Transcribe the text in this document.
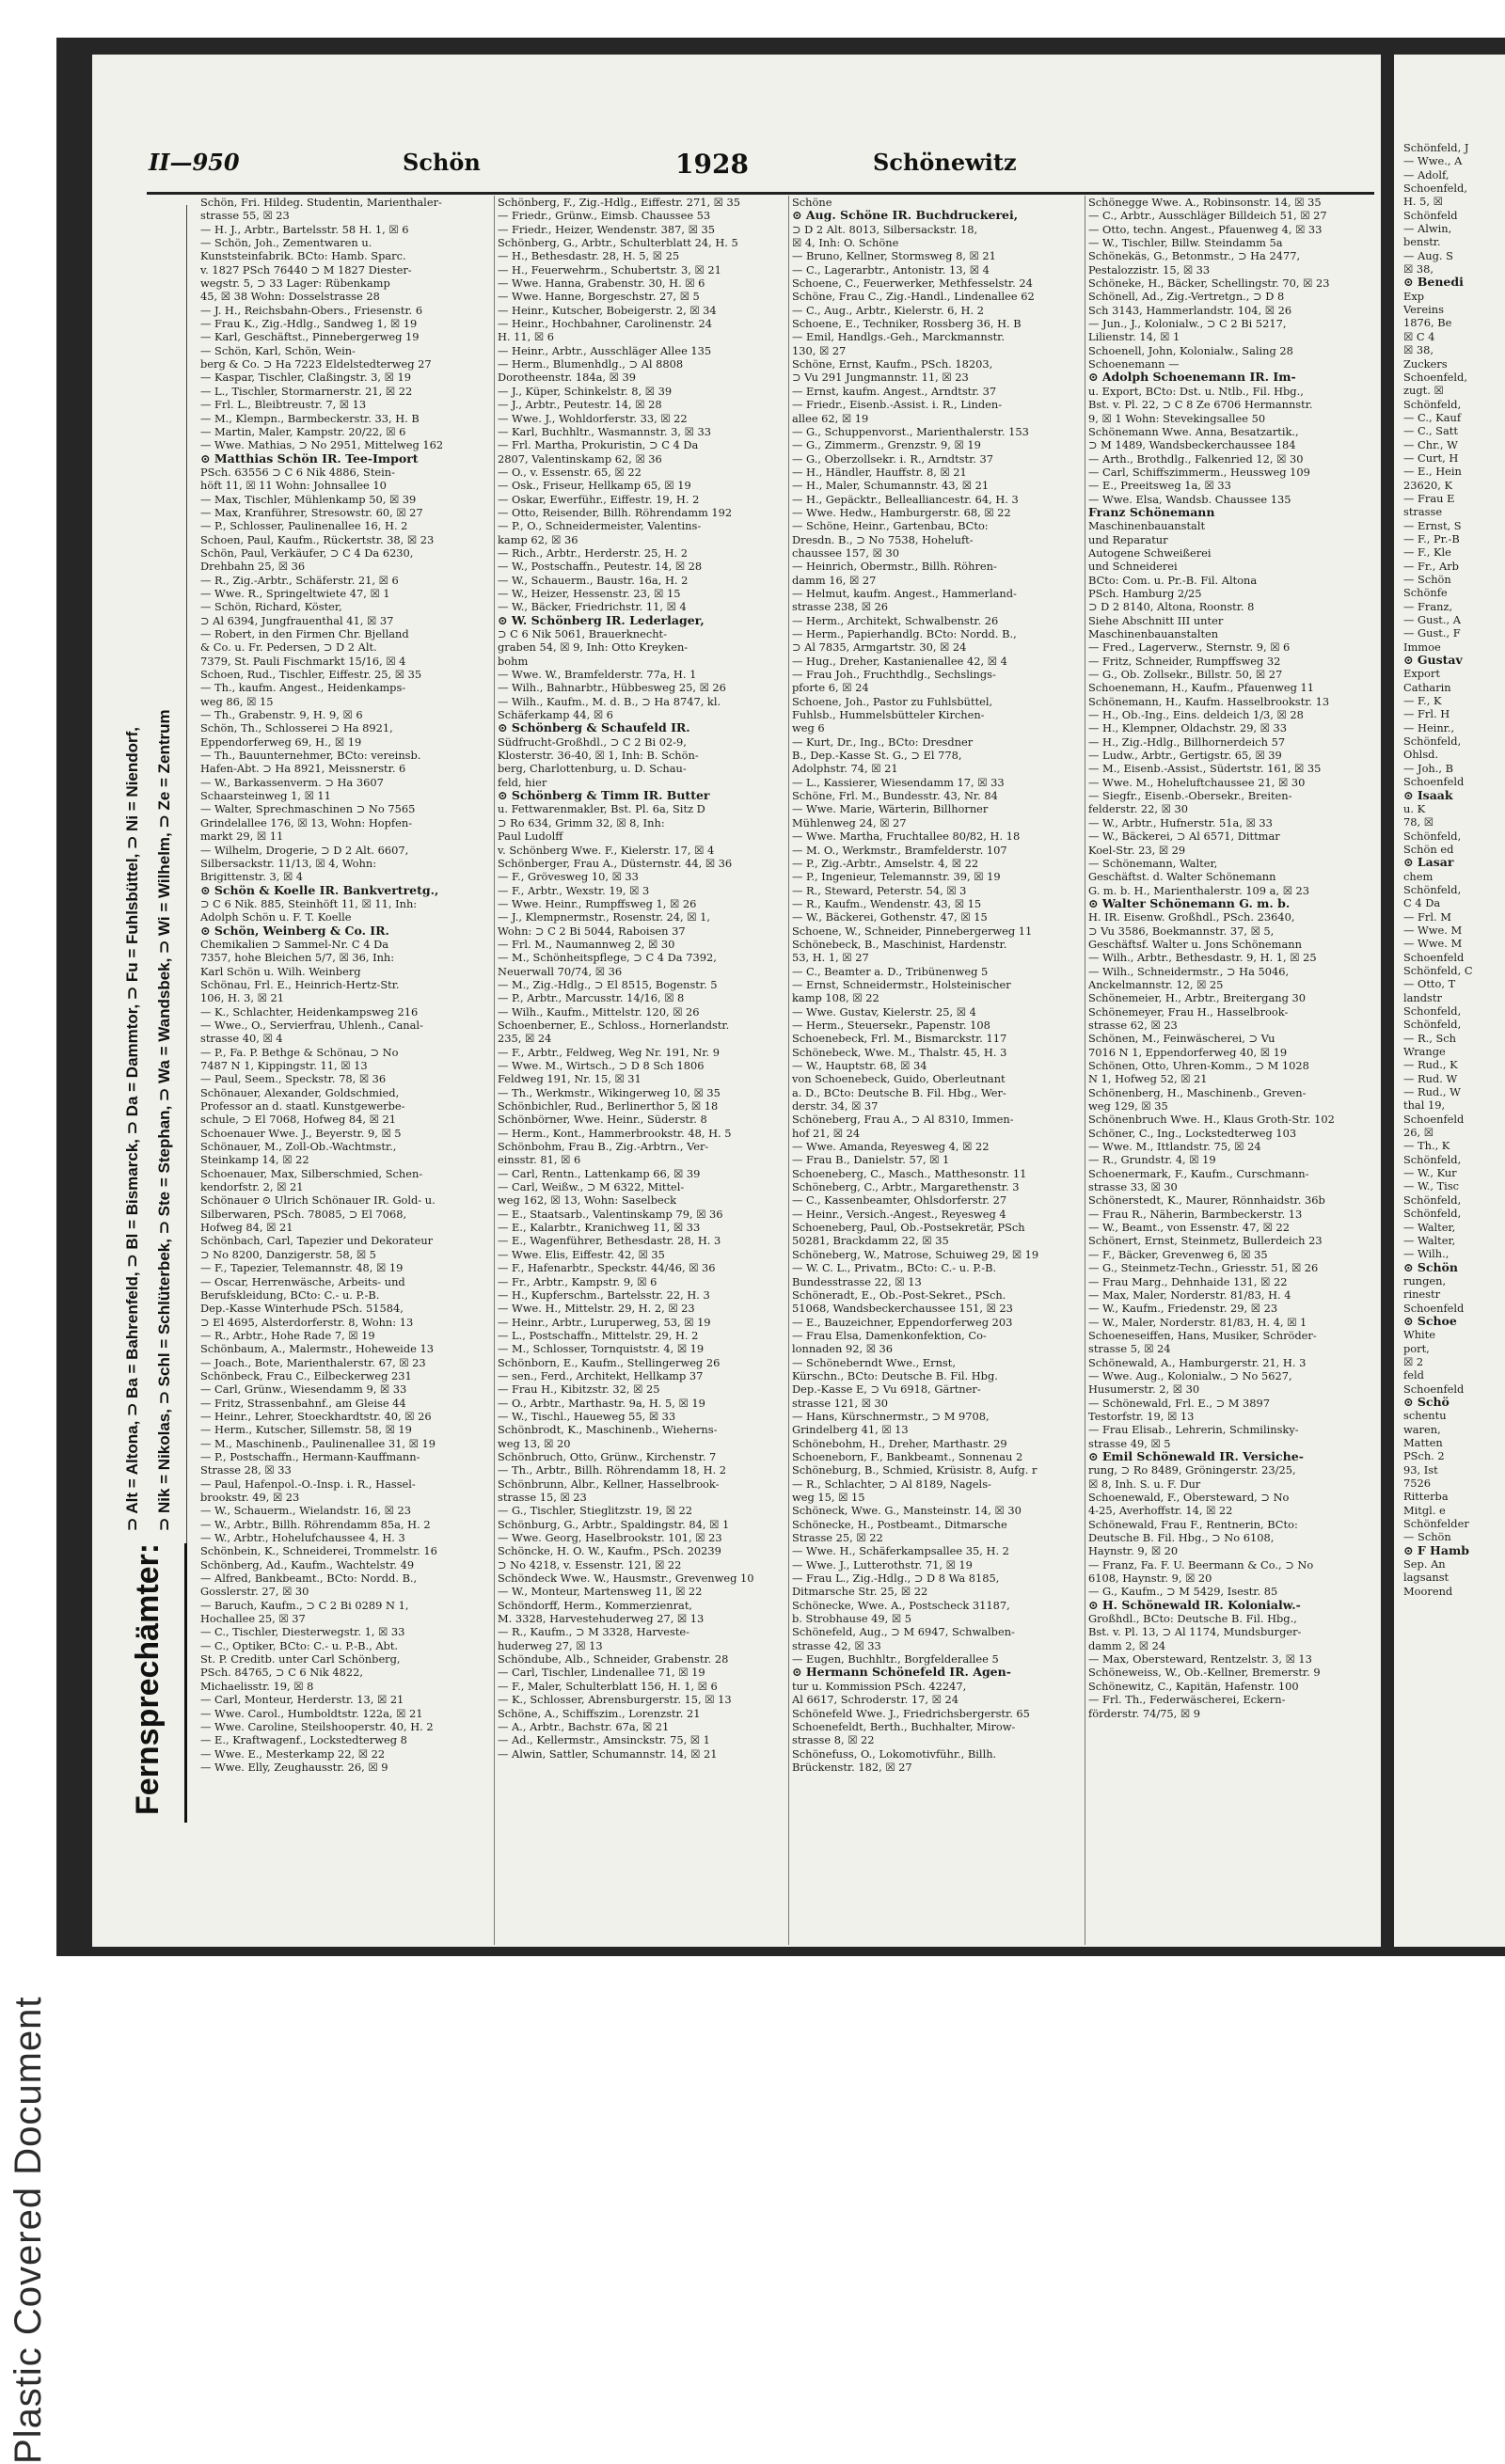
Plastic Covered Document
II—950	Schön	1928	Schönewitz
Fernsprechämter:
⊃ Alt = Altona, ⊃ Ba = Bahrenfeld, ⊃ Bl = Bismarck, ⊃ Da = Dammtor, ⊃ Fu = Fuhlsbüttel, ⊃ Ni = Niendorf, ⊃ Nik = Nikolas, ⊃ Schl = Schlüterbek, ⊃ Ste = Stephan, ⊃ Wa = Wandsbek, ⊃ Wi = Wilhelm, ⊃ Ze = Zentrum
Schön, Fri. Hildeg. Studentin, Marienthaler-
strasse 55, ☒ 23
— H. J., Arbtr., Bartelsstr. 58 H. 1, ☒ 6
— Schön, Joh., Zementwaren u.
Kunststeinfabrik. BCto: Hamb. Sparc.
v. 1827 PSch 76440 ⊃ M 1827 Diester-
wegstr. 5, ⊃ 33 Lager: Rübenkamp
45, ☒ 38 Wohn: Dosselstrasse 28
— J. H., Reichsbahn-Obers., Friesenstr. 6
— Frau K., Zig.-Hdlg., Sandweg 1, ☒ 19
— Karl, Geschäftst., Pinnebergerweg 19
— Schön, Karl, Schön, Wein-
berg & Co. ⊃ Ha 7223 Eldelstedterweg 27
— Kaspar, Tischler, Claßingstr. 3, ☒ 19
— L., Tischler, Stormarnerstr. 21, ☒ 22
— Frl. L., Bleibtreustr. 7, ☒ 13
— M., Klempn., Barmbeckerstr. 33, H. B
— Martin, Maler, Kampstr. 20/22, ☒ 6
— Wwe. Mathias, ⊃ No 2951, Mittelweg 162
⊙ Matthias Schön IR. Tee-Import
PSch. 63556 ⊃ C 6 Nik 4886, Stein-
höft 11, ☒ 11 Wohn: Johnsallee 10
— Max, Tischler, Mühlenkamp 50, ☒ 39
— Max, Kranführer, Stresowstr. 60, ☒ 27
— P., Schlosser, Paulinenallee 16, H. 2
Schoen, Paul, Kaufm., Rückertstr. 38, ☒ 23
Schön, Paul, Verkäufer, ⊃ C 4 Da 6230,
Drehbahn 25, ☒ 36
— R., Zig.-Arbtr., Schäferstr. 21, ☒ 6
— Wwe. R., Springeltwiete 47, ☒ 1
— Schön, Richard, Köster,
⊃ Al 6394, Jungfrauenthal 41, ☒ 37
— Robert, in den Firmen Chr. Bjelland
& Co. u. Fr. Pedersen, ⊃ D 2 Alt.
7379, St. Pauli Fischmarkt 15/16, ☒ 4
Schoen, Rud., Tischler, Eiffestr. 25, ☒ 35
— Th., kaufm. Angest., Heidenkamps-
weg 86, ☒ 15
— Th., Grabenstr. 9, H. 9, ☒ 6
Schön, Th., Schlosserei ⊃ Ha 8921,
Eppendorferweg 69, H., ☒ 19
— Th., Bauunternehmer, BCto: vereinsb.
Hafen-Abt. ⊃ Ha 8921, Meissnerstr. 6
— W., Barkassenverm. ⊃ Ha 3607
Schaarsteinweg 1, ☒ 11
— Walter, Sprechmaschinen ⊃ No 7565
Grindelallee 176, ☒ 13, Wohn: Hopfen-
markt 29, ☒ 11
— Wilhelm, Drogerie, ⊃ D 2 Alt. 6607,
Silbersackstr. 11/13, ☒ 4, Wohn:
Brigittenstr. 3, ☒ 4
⊙ Schön & Koelle IR. Bankvertretg.,
⊃ C 6 Nik. 885, Steinhöft 11, ☒ 11, Inh:
Adolph Schön u. F. T. Koelle
⊙ Schön, Weinberg & Co. IR.
Chemikalien ⊃ Sammel-Nr. C 4 Da
7357, hohe Bleichen 5/7, ☒ 36, Inh:
Karl Schön u. Wilh. Weinberg
Schönau, Frl. E., Heinrich-Hertz-Str.
106, H. 3, ☒ 21
— K., Schlachter, Heidenkampsweg 216
— Wwe., O., Servierfrau, Uhlenh., Canal-
strasse 40, ☒ 4
— P., Fa. P. Bethge & Schönau, ⊃ No
7487 N 1, Kippingstr. 11, ☒ 13
— Paul, Seem., Speckstr. 78, ☒ 36
Schönauer, Alexander, Goldschmied,
Professor an d. staatl. Kunstgewerbe-
schule, ⊃ El 7068, Hofweg 84, ☒ 21
Schoenauer Wwe. J., Beyerstr. 9, ☒ 5
Schönauer, M., Zoll-Ob.-Wachtmstr.,
Steinkamp 14, ☒ 22
Schoenauer, Max, Silberschmied, Schen-
kendorfstr. 2, ☒ 21
Schönauer ⊙ Ulrich Schönauer IR. Gold- u.
Silberwaren, PSch. 78085, ⊃ El 7068,
Hofweg 84, ☒ 21
Schönbach, Carl, Tapezier und Dekorateur
⊃ No 8200, Danzigerstr. 58, ☒ 5
— F., Tapezier, Telemannstr. 48, ☒ 19
— Oscar, Herrenwäsche, Arbeits- und
Berufskleidung, BCto: C.- u. P.-B.
Dep.-Kasse Winterhude PSch. 51584,
⊃ El 4695, Alsterdorferstr. 8, Wohn: 13
— R., Arbtr., Hohe Rade 7, ☒ 19
Schönbaum, A., Malermstr., Hoheweide 13
— Joach., Bote, Marienthalerstr. 67, ☒ 23
Schönbeck, Frau C., Eilbeckerweg 231
— Carl, Grünw., Wiesendamm 9, ☒ 33
— Fritz, Strassenbahnf., am Gleise 44
— Heinr., Lehrer, Stoeckhardtstr. 40, ☒ 26
— Herm., Kutscher, Sillemstr. 58, ☒ 19
— M., Maschinenb., Paulinenallee 31, ☒ 19
— P., Postschaffn., Hermann-Kauffmann-
Strasse 28, ☒ 33
— Paul, Hafenpol.-O.-Insp. i. R., Hassel-
brookstr. 49, ☒ 23
— W., Schauerm., Wielandstr. 16, ☒ 23
— W., Arbtr., Billh. Röhrendamm 85a, H. 2
— W., Arbtr., Hohelufchaussee 4, H. 3
Schönbein, K., Schneiderei, Trommelstr. 16
Schönberg, Ad., Kaufm., Wachtelstr. 49
— Alfred, Bankbeamt., BCto: Nordd. B.,
Gosslerstr. 27, ☒ 30
— Baruch, Kaufm., ⊃ C 2 Bi 0289 N 1,
Hochallee 25, ☒ 37
— C., Tischler, Diesterwegstr. 1, ☒ 33
— C., Optiker, BCto: C.- u. P.-B., Abt.
St. P. Creditb. unter Carl Schönberg,
PSch. 84765, ⊃ C 6 Nik 4822,
Michaelisstr. 19, ☒ 8
— Carl, Monteur, Herderstr. 13, ☒ 21
— Wwe. Carol., Humboldtstr. 122a, ☒ 21
— Wwe. Caroline, Steilshooperstr. 40, H. 2
— E., Kraftwagenf., Lockstedterweg 8
— Wwe. E., Mesterkamp 22, ☒ 22
— Wwe. Elly, Zeughausstr. 26, ☒ 9
Schönberg, F., Zig.-Hdlg., Eiffestr. 271, ☒ 35
— Friedr., Grünw., Eimsb. Chaussee 53
— Friedr., Heizer, Wendenstr. 387, ☒ 35
Schönberg, G., Arbtr., Schulterblatt 24, H. 5
— H., Bethesdastr. 28, H. 5, ☒ 25
— H., Feuerwehrm., Schubertstr. 3, ☒ 21
— Wwe. Hanna, Grabenstr. 30, H. ☒ 6
— Wwe. Hanne, Borgeschstr. 27, ☒ 5
— Heinr., Kutscher, Bobeigerstr. 2, ☒ 34
— Heinr., Hochbahner, Carolinenstr. 24
H. 11, ☒ 6
— Heinr., Arbtr., Ausschläger Allee 135
— Herm., Blumenhdlg., ⊃ Al 8808
Dorotheenstr. 184a, ☒ 39
— J., Küper, Schinkelstr. 8, ☒ 39
— J., Arbtr., Peutestr. 14, ☒ 28
— Wwe. J., Wohldorferstr. 33, ☒ 22
— Karl, Buchhltr., Wasmannstr. 3, ☒ 33
— Frl. Martha, Prokuristin, ⊃ C 4 Da
2807, Valentinskamp 62, ☒ 36
— O., v. Essenstr. 65, ☒ 22
— Osk., Friseur, Hellkamp 65, ☒ 19
— Oskar, Ewerführ., Eiffestr. 19, H. 2
— Otto, Reisender, Billh. Röhrendamm 192
— P., O., Schneidermeister, Valentins-
kamp 62, ☒ 36
— Rich., Arbtr., Herderstr. 25, H. 2
— W., Postschaffn., Peutestr. 14, ☒ 28
— W., Schauerm., Baustr. 16a, H. 2
— W., Heizer, Hessenstr. 23, ☒ 15
— W., Bäcker, Friedrichstr. 11, ☒ 4
⊙ W. Schönberg IR. Lederlager,
⊃ C 6 Nik 5061, Brauerknecht-
graben 54, ☒ 9, Inh: Otto Kreyken-
bohm
— Wwe. W., Bramfelderstr. 77a, H. 1
— Wilh., Bahnarbtr., Hübbesweg 25, ☒ 26
— Wilh., Kaufm., M. d. B., ⊃ Ha 8747, kl.
Schäferkamp 44, ☒ 6
⊙ Schönberg & Schaufeld IR.
Südfrucht-Großhdl., ⊃ C 2 Bi 02-9,
Klosterstr. 36-40, ☒ 1, Inh: B. Schön-
berg, Charlottenburg, u. D. Schau-
feld, hier
⊙ Schönberg & Timm IR. Butter
u. Fettwarenmakler, Bst. Pl. 6a, Sitz D
⊃ Ro 634, Grimm 32, ☒ 8, Inh:
Paul Ludolff
v. Schönberg Wwe. F., Kielerstr. 17, ☒ 4
Schönberger, Frau A., Düsternstr. 44, ☒ 36
— F., Grövesweg 10, ☒ 33
— F., Arbtr., Wexstr. 19, ☒ 3
— Wwe. Heinr., Rumpffsweg 1, ☒ 26
— J., Klempnermstr., Rosenstr. 24, ☒ 1,
Wohn: ⊃ C 2 Bi 5044, Raboisen 37
— Frl. M., Naumannweg 2, ☒ 30
— M., Schönheitspflege, ⊃ C 4 Da 7392,
Neuerwall 70/74, ☒ 36
— M., Zig.-Hdlg., ⊃ El 8515, Bogenstr. 5
— P., Arbtr., Marcusstr. 14/16, ☒ 8
— Wilh., Kaufm., Mittelstr. 120, ☒ 26
Schoenberner, E., Schloss., Hornerlandstr.
235, ☒ 24
— F., Arbtr., Feldweg, Weg Nr. 191, Nr. 9
— Wwe. M., Wirtsch., ⊃ D 8 Sch 1806
Feldweg 191, Nr. 15, ☒ 31
— Th., Werkmstr., Wikingerweg 10, ☒ 35
Schönbichler, Rud., Berlinerthor 5, ☒ 18
Schönbörner, Wwe. Heinr., Süderstr. 8
— Herm., Kont., Hammerbrookstr. 48, H. 5
Schönbohm, Frau B., Zig.-Arbtrn., Ver-
einsstr. 81, ☒ 6
— Carl, Rentn., Lattenkamp 66, ☒ 39
— Carl, Weißw., ⊃ M 6322, Mittel-
weg 162, ☒ 13, Wohn: Saselbeck
— E., Staatsarb., Valentinskamp 79, ☒ 36
— E., Kalarbtr., Kranichweg 11, ☒ 33
— E., Wagenführer, Bethesdastr. 28, H. 3
— Wwe. Elis, Eiffestr. 42, ☒ 35
— F., Hafenarbtr., Speckstr. 44/46, ☒ 36
— Fr., Arbtr., Kampstr. 9, ☒ 6
— H., Kupferschm., Bartelsstr. 22, H. 3
— Wwe. H., Mittelstr. 29, H. 2, ☒ 23
— Heinr., Arbtr., Luruperweg, 53, ☒ 19
— L., Postschaffn., Mittelstr. 29, H. 2
— M., Schlosser, Tornquiststr. 4, ☒ 19
Schönborn, E., Kaufm., Stellingerweg 26
— sen., Ferd., Architekt, Hellkamp 37
— Frau H., Kibitzstr. 32, ☒ 25
— O., Arbtr., Marthastr. 9a, H. 5, ☒ 19
— W., Tischl., Haueweg 55, ☒ 33
Schönbrodt, K., Maschinenb., Wieherns-
weg 13, ☒ 20
Schönbruch, Otto, Grünw., Kirchenstr. 7
— Th., Arbtr., Billh. Röhrendamm 18, H. 2
Schönbrunn, Albr., Kellner, Hasselbrook-
strasse 15, ☒ 23
— G., Tischler, Stieglitzstr. 19, ☒ 22
Schönburg, G., Arbtr., Spaldingstr. 84, ☒ 1
— Wwe. Georg, Haselbrookstr. 101, ☒ 23
Schöncke, H. O. W., Kaufm., PSch. 20239
⊃ No 4218, v. Essenstr. 121, ☒ 22
Schöndeck Wwe. W., Hausmstr., Grevenweg 10
— W., Monteur, Martensweg 11, ☒ 22
Schöndorff, Herm., Kommerzienrat,
M. 3328, Harvestehuderweg 27, ☒ 13
— R., Kaufm., ⊃ M 3328, Harveste-
huderweg 27, ☒ 13
Schöndube, Alb., Schneider, Grabenstr. 28
— Carl, Tischler, Lindenallee 71, ☒ 19
— F., Maler, Schulterblatt 156, H. 1, ☒ 6
— K., Schlosser, Abrensburgerstr. 15, ☒ 13
Schöne, A., Schiffszim., Lorenzstr. 21
— A., Arbtr., Bachstr. 67a, ☒ 21
— Ad., Kellermstr., Amsinckstr. 75, ☒ 1
— Alwin, Sattler, Schumannstr. 14, ☒ 21
Schöne
⊙ Aug. Schöne IR. Buchdruckerei,
⊃ D 2 Alt. 8013, Silbersackstr. 18,
☒ 4, Inh: O. Schöne
— Bruno, Kellner, Stormsweg 8, ☒ 21
— C., Lagerarbtr., Antonistr. 13, ☒ 4
Schoene, C., Feuerwerker, Methfesselstr. 24
Schöne, Frau C., Zig.-Handl., Lindenallee 62
— C., Aug., Arbtr., Kielerstr. 6, H. 2
Schoene, E., Techniker, Rossberg 36, H. B
— Emil, Handlgs.-Geh., Marckmannstr.
130, ☒ 27
Schöne, Ernst, Kaufm., PSch. 18203,
⊃ Vu 291 Jungmannstr. 11, ☒ 23
— Ernst, kaufm. Angest., Arndtstr. 37
— Friedr., Eisenb.-Assist. i. R., Linden-
allee 62, ☒ 19
— G., Schuppenvorst., Marienthalerstr. 153
— G., Zimmerm., Grenzstr. 9, ☒ 19
— G., Oberzollsekr. i. R., Arndtstr. 37
— H., Händler, Hauffstr. 8, ☒ 21
— H., Maler, Schumannstr. 43, ☒ 21
— H., Gepäcktr., Bellealliancestr. 64, H. 3
— Wwe. Hedw., Hamburgerstr. 68, ☒ 22
— Schöne, Heinr., Gartenbau, BCto:
Dresdn. B., ⊃ No 7538, Hoheluft-
chaussee 157, ☒ 30
— Heinrich, Obermstr., Billh. Röhren-
damm 16, ☒ 27
— Helmut, kaufm. Angest., Hammerland-
strasse 238, ☒ 26
— Herm., Architekt, Schwalbenstr. 26
— Herm., Papierhandlg. BCto: Nordd. B.,
⊃ Al 7835, Armgartstr. 30, ☒ 24
— Hug., Dreher, Kastanienallee 42, ☒ 4
— Frau Joh., Fruchthdlg., Sechslings-
pforte 6, ☒ 24
Schoene, Joh., Pastor zu Fuhlsbüttel,
Fuhlsb., Hummelsbütteler Kirchen-
weg 6
— Kurt, Dr., Ing., BCto: Dresdner
B., Dep.-Kasse St. G., ⊃ El 778,
Adolphstr. 74, ☒ 21
— L., Kassierer, Wiesendamm 17, ☒ 33
Schöne, Frl. M., Bundesstr. 43, Nr. 84
— Wwe. Marie, Wärterin, Billhorner
Mühlenweg 24, ☒ 27
— Wwe. Martha, Fruchtallee 80/82, H. 18
— M. O., Werkmstr., Bramfelderstr. 107
— P., Zig.-Arbtr., Amselstr. 4, ☒ 22
— P., Ingenieur, Telemannstr. 39, ☒ 19
— R., Steward, Peterstr. 54, ☒ 3
— R., Kaufm., Wendenstr. 43, ☒ 15
— W., Bäckerei, Gothenstr. 47, ☒ 15
Schoene, W., Schneider, Pinnebergerweg 11
Schönebeck, B., Maschinist, Hardenstr.
53, H. 1, ☒ 27
— C., Beamter a. D., Tribünenweg 5
— Ernst, Schneidermstr., Holsteinischer
kamp 108, ☒ 22
— Wwe. Gustav, Kielerstr. 25, ☒ 4
— Herm., Steuersekr., Papenstr. 108
Schoenebeck, Frl. M., Bismarckstr. 117
Schönebeck, Wwe. M., Thalstr. 45, H. 3
— W., Hauptstr. 68, ☒ 34
von Schoenebeck, Guido, Oberleutnant
a. D., BCto: Deutsche B. Fil. Hbg., Wer-
derstr. 34, ☒ 37
Schöneberg, Frau A., ⊃ Al 8310, Immen-
hof 21, ☒ 24
— Wwe. Amanda, Reyesweg 4, ☒ 22
— Frau B., Danielstr. 57, ☒ 1
Schoeneberg, C., Masch., Matthesonstr. 11
Schöneberg, C., Arbtr., Margarethenstr. 3
— C., Kassenbeamter, Ohlsdorferstr. 27
— Heinr., Versich.-Angest., Reyesweg 4
Schoeneberg, Paul, Ob.-Postsekretär, PSch
50281, Brackdamm 22, ☒ 35
Schöneberg, W., Matrose, Schuiweg 29, ☒ 19
— W. C. L., Privatm., BCto: C.- u. P.-B.
Bundesstrasse 22, ☒ 13
Schöneradt, E., Ob.-Post-Sekret., PSch.
51068, Wandsbeckerchaussee 151, ☒ 23
— E., Bauzeichner, Eppendorferweg 203
— Frau Elsa, Damenkonfektion, Co-
lonnaden 92, ☒ 36
— Schöneberndt Wwe., Ernst,
Kürschn., BCto: Deutsche B. Fil. Hbg.
Dep.-Kasse E, ⊃ Vu 6918, Gärtner-
strasse 121, ☒ 30
— Hans, Kürschnermstr., ⊃ M 9708,
Grindelberg 41, ☒ 13
Schönebohm, H., Dreher, Marthastr. 29
Schoeneborn, F., Bankbeamt., Sonnenau 2
Schöneburg, B., Schmied, Krüsistr. 8, Aufg. r
— R., Schlachter, ⊃ Al 8189, Nagels-
weg 15, ☒ 15
Schöneck, Wwe. G., Mansteinstr. 14, ☒ 30
Schönecke, H., Postbeamt., Ditmarsche
Strasse 25, ☒ 22
— Wwe. H., Schäferkampsallee 35, H. 2
— Wwe. J., Lutterothstr. 71, ☒ 19
— Frau L., Zig.-Hdlg., ⊃ D 8 Wa 8185,
Ditmarsche Str. 25, ☒ 22
Schönecke, Wwe. A., Postscheck 31187,
b. Strobhause 49, ☒ 5
Schönefeld, Aug., ⊃ M 6947, Schwalben-
strasse 42, ☒ 33
— Eugen, Buchhltr., Borgfelderallee 5
⊙ Hermann Schönefeld IR. Agen-
tur u. Kommission PSch. 42247,
Al 6617, Schroderstr. 17, ☒ 24
Schönefeld Wwe. J., Friedrichsbergerstr. 65
Schoenefeldt, Berth., Buchhalter, Mirow-
strasse 8, ☒ 22
Schönefuss, O., Lokomotivführ., Billh.
Brückenstr. 182, ☒ 27
Schönegge Wwe. A., Robinsonstr. 14, ☒ 35
— C., Arbtr., Ausschläger Billdeich 51, ☒ 27
— Otto, techn. Angest., Pfauenweg 4, ☒ 33
— W., Tischler, Billw. Steindamm 5a
Schönekäs, G., Betonmstr., ⊃ Ha 2477,
Pestalozzistr. 15, ☒ 33
Schöneke, H., Bäcker, Schellingstr. 70, ☒ 23
Schönell, Ad., Zig.-Vertretgn., ⊃ D 8
Sch 3143, Hammerlandstr. 104, ☒ 26
— Jun., J., Kolonialw., ⊃ C 2 Bi 5217,
Lilienstr. 14, ☒ 1
Schoenell, John, Kolonialw., Saling 28
Schoenemann —
⊙ Adolph Schoenemann IR. Im-
u. Export, BCto: Dst. u. Ntlb., Fil. Hbg.,
Bst. v. Pl. 22, ⊃ C 8 Ze 6706 Hermannstr.
9, ☒ 1 Wohn: Stevekingsallee 50
Schönemann Wwe. Anna, Besatzartik.,
⊃ M 1489, Wandsbeckerchaussee 184
— Arth., Brothdlg., Falkenried 12, ☒ 30
— Carl, Schiffszimmerm., Heussweg 109
— E., Preeitsweg 1a, ☒ 33
— Wwe. Elsa, Wandsb. Chaussee 135
Franz Schönemann
Maschinenbauanstalt
und Reparatur
Autogene Schweißerei
und Schneiderei
BCto: Com. u. Pr.-B. Fil. Altona
PSch. Hamburg 2/25
⊃ D 2 8140, Altona, Roonstr. 8
Siehe Abschnitt III unter
Maschinenbauanstalten
— Fred., Lagerverw., Sternstr. 9, ☒ 6
— Fritz, Schneider, Rumpffsweg 32
— G., Ob. Zollsekr., Billstr. 50, ☒ 27
Schoenemann, H., Kaufm., Pfauenweg 11
Schönemann, H., Kaufm. Hasselbrookstr. 13
— H., Ob.-Ing., Eins. deldeich 1/3, ☒ 28
— H., Klempner, Oldachstr. 29, ☒ 33
— H., Zig.-Hdlg., Billhornerdeich 57
— Ludw., Arbtr., Gertigstr. 65, ☒ 39
— M., Eisenb.-Assist., Südertstr. 161, ☒ 35
— Wwe. M., Hoheluftchaussee 21, ☒ 30
— Siegfr., Eisenb.-Obersekr., Breiten-
felderstr. 22, ☒ 30
— W., Arbtr., Hufnerstr. 51a, ☒ 33
— W., Bäckerei, ⊃ Al 6571, Dittmar
Koel-Str. 23, ☒ 29
— Schönemann, Walter,
Geschäftst. d. Walter Schönemann
G. m. b. H., Marienthalerstr. 109 a, ☒ 23
⊙ Walter Schönemann G. m. b.
H. IR. Eisenw. Großhdl., PSch. 23640,
⊃ Vu 3586, Boekmannstr. 37, ☒ 5,
Geschäftsf. Walter u. Jons Schönemann
— Wilh., Arbtr., Bethesdastr. 9, H. 1, ☒ 25
— Wilh., Schneidermstr., ⊃ Ha 5046,
Anckelmannstr. 12, ☒ 25
Schönemeier, H., Arbtr., Breitergang 30
Schönemeyer, Frau H., Hasselbrook-
strasse 62, ☒ 23
Schönen, M., Feinwäscherei, ⊃ Vu
7016 N 1, Eppendorferweg 40, ☒ 19
Schönen, Otto, Uhren-Komm., ⊃ M 1028
N 1, Hofweg 52, ☒ 21
Schönenberg, H., Maschinenb., Greven-
weg 129, ☒ 35
Schönenbruch Wwe. H., Klaus Groth-Str. 102
Schöner, C., Ing., Lockstedterweg 103
— Wwe. M., Ittlandstr. 75, ☒ 24
— R., Grundstr. 4, ☒ 19
Schoenermark, F., Kaufm., Curschmann-
strasse 33, ☒ 30
Schönerstedt, K., Maurer, Rönnhaidstr. 36b
— Frau R., Näherin, Barmbeckerstr. 13
— W., Beamt., von Essenstr. 47, ☒ 22
Schönert, Ernst, Steinmetz, Bullerdeich 23
— F., Bäcker, Grevenweg 6, ☒ 35
— G., Steinmetz-Techn., Griesstr. 51, ☒ 26
— Frau Marg., Dehnhaide 131, ☒ 22
— Max, Maler, Norderstr. 81/83, H. 4
— W., Kaufm., Friedenstr. 29, ☒ 23
— W., Maler, Norderstr. 81/83, H. 4, ☒ 1
Schoeneseiffen, Hans, Musiker, Schröder-
strasse 5, ☒ 24
Schönewald, A., Hamburgerstr. 21, H. 3
— Wwe. Aug., Kolonialw., ⊃ No 5627,
Husumerstr. 2, ☒ 30
— Schönewald, Frl. E., ⊃ M 3897
Testorfstr. 19, ☒ 13
— Frau Elisab., Lehrerin, Schmilinsky-
strasse 49, ☒ 5
⊙ Emil Schönewald IR. Versiche-
rung, ⊃ Ro 8489, Gröningerstr. 23/25,
☒ 8, Inh. S. u. F. Dur
Schoenewald, F., Obersteward, ⊃ No
4-25, Averhoffstr. 14, ☒ 22
Schönewald, Frau F., Rentnerin, BCto:
Deutsche B. Fil. Hbg., ⊃ No 6108,
Haynstr. 9, ☒ 20
— Franz, Fa. F. U. Beermann & Co., ⊃ No
6108, Haynstr. 9, ☒ 20
— G., Kaufm., ⊃ M 5429, Isestr. 85
⊙ H. Schönewald IR. Kolonialw.-
Großhdl., BCto: Deutsche B. Fil. Hbg.,
Bst. v. Pl. 13, ⊃ Al 1174, Mundsburger-
damm 2, ☒ 24
— Max, Obersteward, Rentzelstr. 3, ☒ 13
Schöneweiss, W., Ob.-Kellner, Bremerstr. 9
Schönewitz, C., Kapitän, Hafenstr. 100
— Frl. Th., Federwäscherei, Eckern-
förderstr. 74/75, ☒ 9
Schönfeld, J
— Wwe., A
— Adolf,
Schoenfeld,
H. 5, ☒
Schönfeld
— Alwin,
benstr.
— Aug. S
☒ 38,
⊙ Benedi
Exp
Vereins
1876, Be
☒ C 4
☒ 38,
Zuckers
Schoenfeld,
zugt. ☒
Schönfeld,
— C., Kauf
— C., Satt
— Chr., W
— Curt, H
— E., Hein
23620, K
— Frau E
strasse
— Ernst, S
— F., Pr.-B
— F., Kle
— Fr., Arb
— Schön
Schönfe
— Franz,
— Gust., A
— Gust., F
Immoe
⊙ Gustav
Export
Catharin
— F., K
— Frl. H
— Heinr.,
Schönfeld,
Ohlsd.
— Joh., B
Schoenfeld
⊙ Isaak
u. K
78, ☒
Schönfeld,
Schön ed
⊙ Lasar
chem
Schönfeld,
C 4 Da
— Frl. M
— Wwe. M
— Wwe. M
Schoenfeld
Schönfeld, C
— Otto, T
landstr
Schonfeld,
Schönfeld,
— R., Sch
Wrange
— Rud., K
— Rud. W
— Rud., W
thal 19,
Schoenfeld
26, ☒
— Th., K
Schönfeld,
— W., Kur
— W., Tisc
Schönfeld,
Schönfeld,
— Walter,
— Walter,
— Wilh.,
⊙ Schön
rungen,
rinestr
Schoenfeld
⊙ Schoe
White
port,
☒ 2
feld
Schoenfeld
⊙ Schö
schentu
waren,
Matten
PSch. 2
93, Ist
7526
Ritterba
Mitgl. e
Schönfelder
— Schön
⊙ F Hamb
Sep. An
lagsanst
Moorend
